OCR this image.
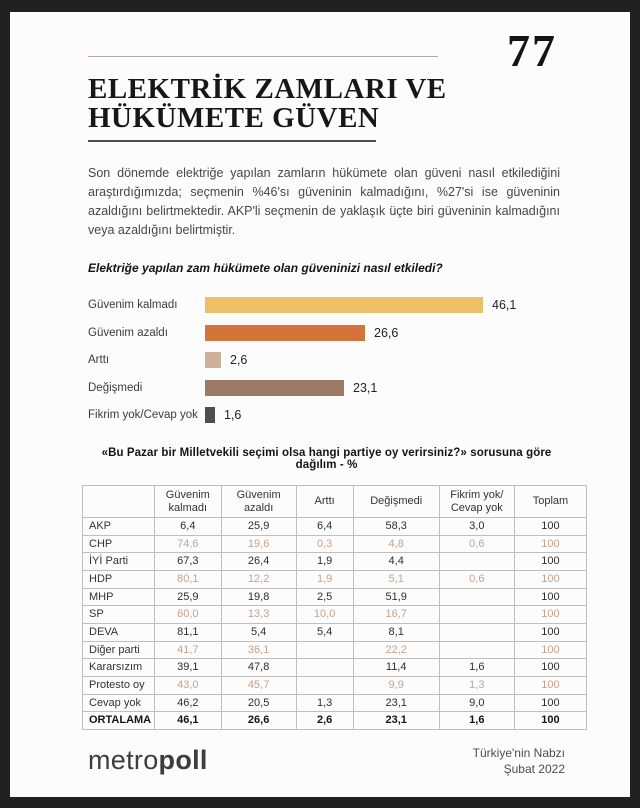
77
ELEKTRİK ZAMLARI VE
HÜKÜMETE GÜVEN

Son dönemde elektriğe yapılan zamların hükümete olan güveni nasıl etkilediğini araştırdığımızda; seçmenin %46'sı güveninin kalmadığını, %27'si ise güveninin azaldığını belirtmektedir. AKP'li seçmenin de yaklaşık üçte biri güveninin kalmadığını veya azaldığını belirtmiştir.

Elektriğe yapılan zam hükümete olan güveninizi nasıl etkiledi?
Güvenim kalmadı	46,1
Güvenim azaldı	26,6
Arttı	2,6
Değişmedi	23,1
Fikrim yok/Cevap yok	1,6
«Bu Pazar bir Milletvekili seçimi olsa hangi partiye oy verirsiniz?» sorusuna göre dağılım - %
	Güvenim kalmadı	Güvenim azaldı	Arttı	Değişmedi	Fikrim yok/ Cevap yok	Toplam
AKP	6,4	25,9	6,4	58,3	3,0	100
CHP	74,6	19,6	0,3	4,8	0,6	100
İYİ Parti	67,3	26,4	1,9	4,4		100
HDP	80,1	12,2	1,9	5,1	0,6	100
MHP	25,9	19,8	2,5	51,9		100
SP	60,0	13,3	10,0	16,7		100
DEVA	81,1	5,4	5,4	8,1		100
Diğer parti	41,7	36,1		22,2		100
Kararsızım	39,1	47,8		11,4	1,6	100
Protesto oy	43,0	45,7		9,9	1,3	100
Cevap yok	46,2	20,5	1,3	23,1	9,0	100
ORTALAMA	46,1	26,6	2,6	23,1	1,6	100
metropoll	Türkiye'nin Nabzı
Şubat 2022
